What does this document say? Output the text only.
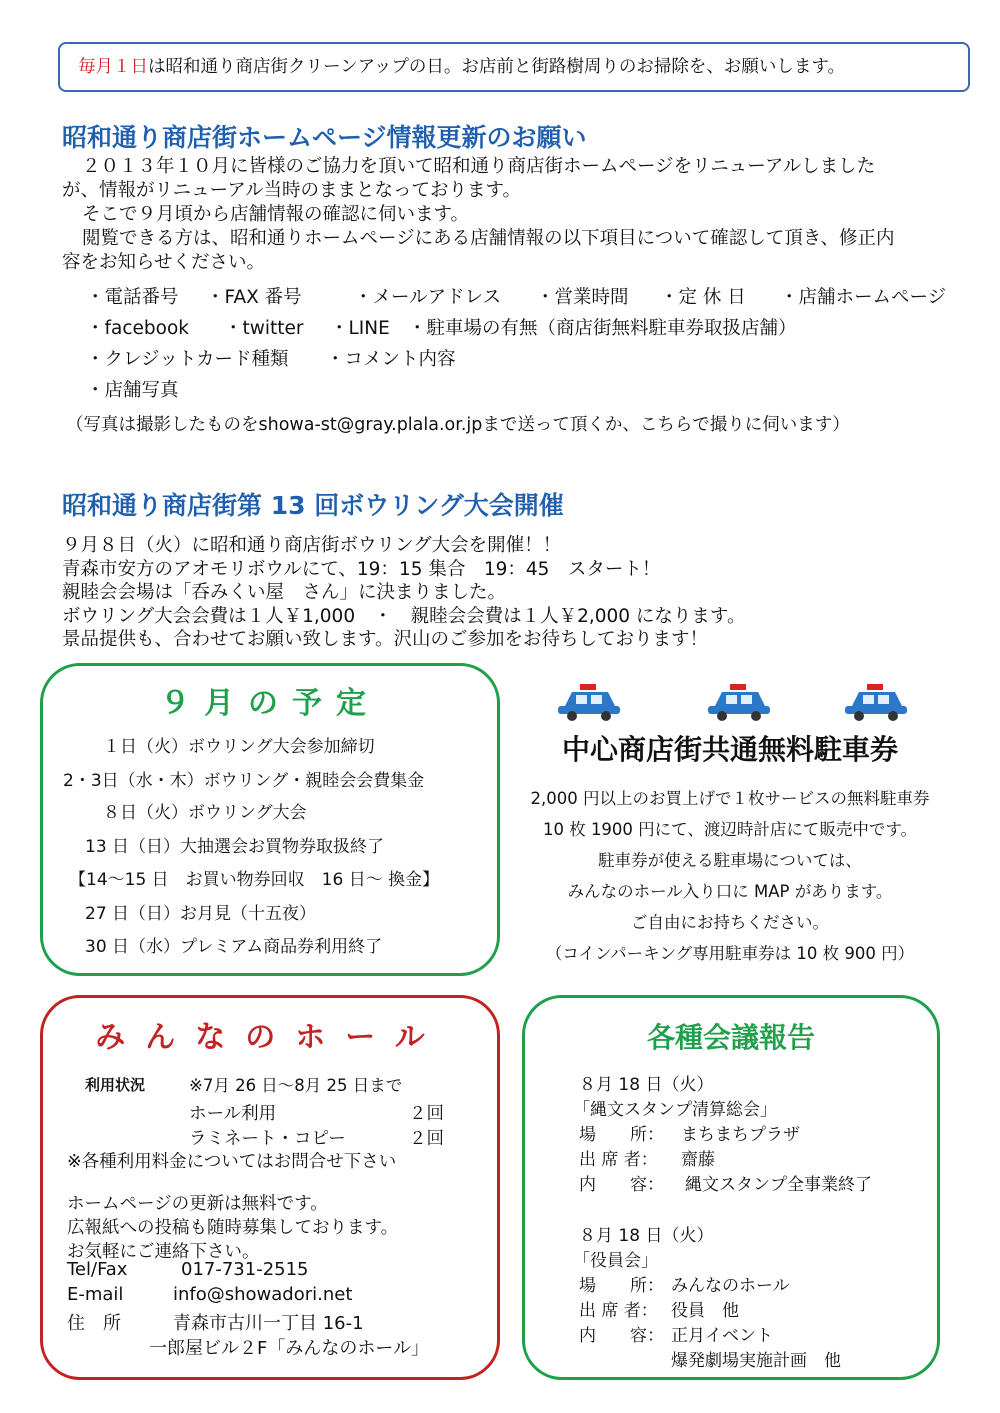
毎月１日は昭和通り商店街クリーンアップの日。お店前と街路樹周りのお掃除を、お願いします。
昭和通り商店街ホームページ情報更新のお願い
２０１３年１０月に皆様のご協力を頂いて昭和通り商店街ホームページをリニューアルしました
が、情報がリニューアル当時のままとなっております。
そこで９月頃から店舗情報の確認に伺います。
閲覧できる方は、昭和通りホームページにある店舗情報の以下項目について確認して頂き、修正内
容をお知らせください。
・電話番号 ・FAX 番号	・メールアドレス ・営業時間 ・定 休 日 ・店舗ホームページ
・facebook ・twitter ・LINE ・駐車場の有無（商店街無料駐車券取扱店舗）
・クレジットカード種類 ・コメント内容
・店舗写真
（写真は撮影したものをshowa-st@gray.plala.or.jpまで送って頂くか、こちらで撮りに伺います）
昭和通り商店街第 13 回ボウリング大会開催
９月８日（火）に昭和通り商店街ボウリング大会を開催！！
青森市安方のアオモリボウルにて、19：15 集合　19：45　スタート！
親睦会会場は「呑みくい屋　さん」に決まりました。
ボウリング大会会費は１人￥1,000　・　親睦会会費は１人￥2,000 になります。
景品提供も、合わせてお願い致します。沢山のご参加をお待ちしております！
９月の予定
１日（火）ボウリング大会参加締切
2・3日（水・木）ボウリング・親睦会会費集金
８日（火）ボウリング大会
13 日（日）大抽選会お買物券取扱終了
【14～15 日　お買い物券回収　16 日～ 換金】
27 日（日）お月見（十五夜）
30 日（水）プレミアム商品券利用終了
中心商店街共通無料駐車券
2,000 円以上のお買上げで１枚サービスの無料駐車券
10 枚 1900 円にて、渡辺時計店にて販売中です。
駐車券が使える駐車場については、
みんなのホール入り口に MAP があります。
ご自由にお持ちください。
（コインパーキング専用駐車券は 10 枚 900 円）
みんなのホール
利用状況	※7月 26 日～8月 25 日まで
ホール利用	２回
ラミネート・コピー	２回
※各種利用料金についてはお問合せ下さい
ホームページの更新は無料です。
広報紙への投稿も随時募集しております。
お気軽にご連絡下さい。
Tel/Fax	017-731-2515
E-mail	info@showadori.net
住　所	青森市古川一丁目 16-1
一郎屋ビル２F「みんなのホール」
各種会議報告
８月 18 日（火）
「縄文スタンプ清算総会」
場　　所： まちまちプラザ
出 席 者： 齋藤
内　　容： 縄文スタンプ全事業終了
８月 18 日（火）
「役員会」
場　　所： みんなのホール
出 席 者： 役員　他
内　　容： 正月イベント
爆発劇場実施計画　他
